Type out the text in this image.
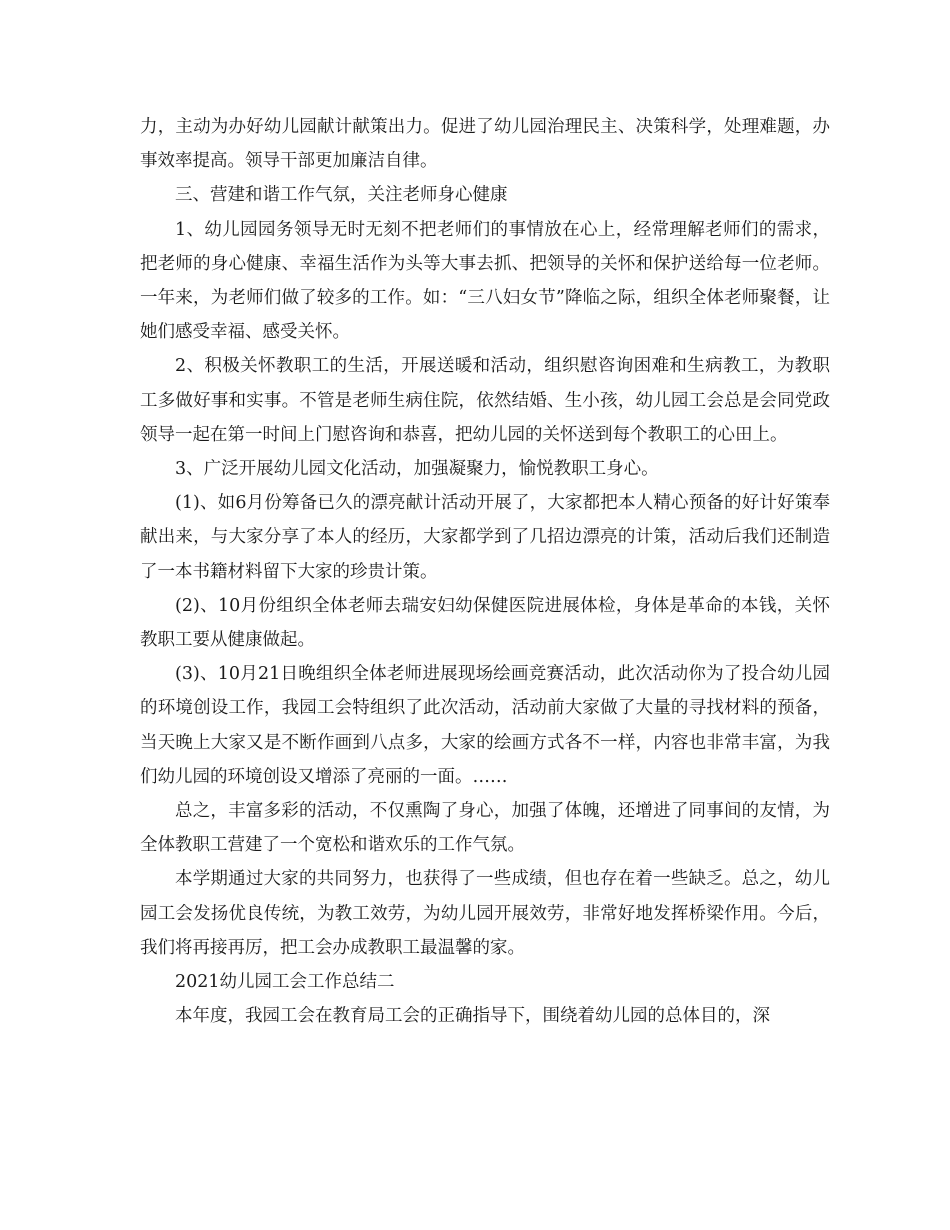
力，主动为办好幼儿园献计献策出力。促进了幼儿园治理民主、决策科学，处理难题，办事效率提高。领导干部更加廉洁自律。

三、营建和谐工作气氛，关注老师身心健康

1、幼儿园园务领导无时无刻不把老师们的事情放在心上，经常理解老师们的需求，把老师的身心健康、幸福生活作为头等大事去抓、把领导的关怀和保护送给每一位老师。一年来，为老师们做了较多的工作。如：“三八妇女节”降临之际，组织全体老师聚餐，让她们感受幸福、感受关怀。

2、积极关怀教职工的生活，开展送暖和活动，组织慰咨询困难和生病教工，为教职工多做好事和实事。不管是老师生病住院，依然结婚、生小孩，幼儿园工会总是会同党政领导一起在第一时间上门慰咨询和恭喜，把幼儿园的关怀送到每个教职工的心田上。

3、广泛开展幼儿园文化活动，加强凝聚力，愉悦教职工身心。

(1)、如6月份筹备已久的漂亮献计活动开展了，大家都把本人精心预备的好计好策奉献出来，与大家分享了本人的经历，大家都学到了几招边漂亮的计策，活动后我们还制造了一本书籍材料留下大家的珍贵计策。

(2)、10月份组织全体老师去瑞安妇幼保健医院进展体检，身体是革命的本钱，关怀教职工要从健康做起。

(3)、10月21日晚组织全体老师进展现场绘画竞赛活动，此次活动你为了投合幼儿园的环境创设工作，我园工会特组织了此次活动，活动前大家做了大量的寻找材料的预备，当天晚上大家又是不断作画到八点多，大家的绘画方式各不一样，内容也非常丰富，为我们幼儿园的环境创设又增添了亮丽的一面。……

总之，丰富多彩的活动，不仅熏陶了身心，加强了体魄，还增进了同事间的友情，为全体教职工营建了一个宽松和谐欢乐的工作气氛。

本学期通过大家的共同努力，也获得了一些成绩，但也存在着一些缺乏。总之，幼儿园工会发扬优良传统，为教工效劳，为幼儿园开展效劳，非常好地发挥桥梁作用。今后，我们将再接再厉，把工会办成教职工最温馨的家。

2021幼儿园工会工作总结二

本年度，我园工会在教育局工会的正确指导下，围绕着幼儿园的总体目的，深
